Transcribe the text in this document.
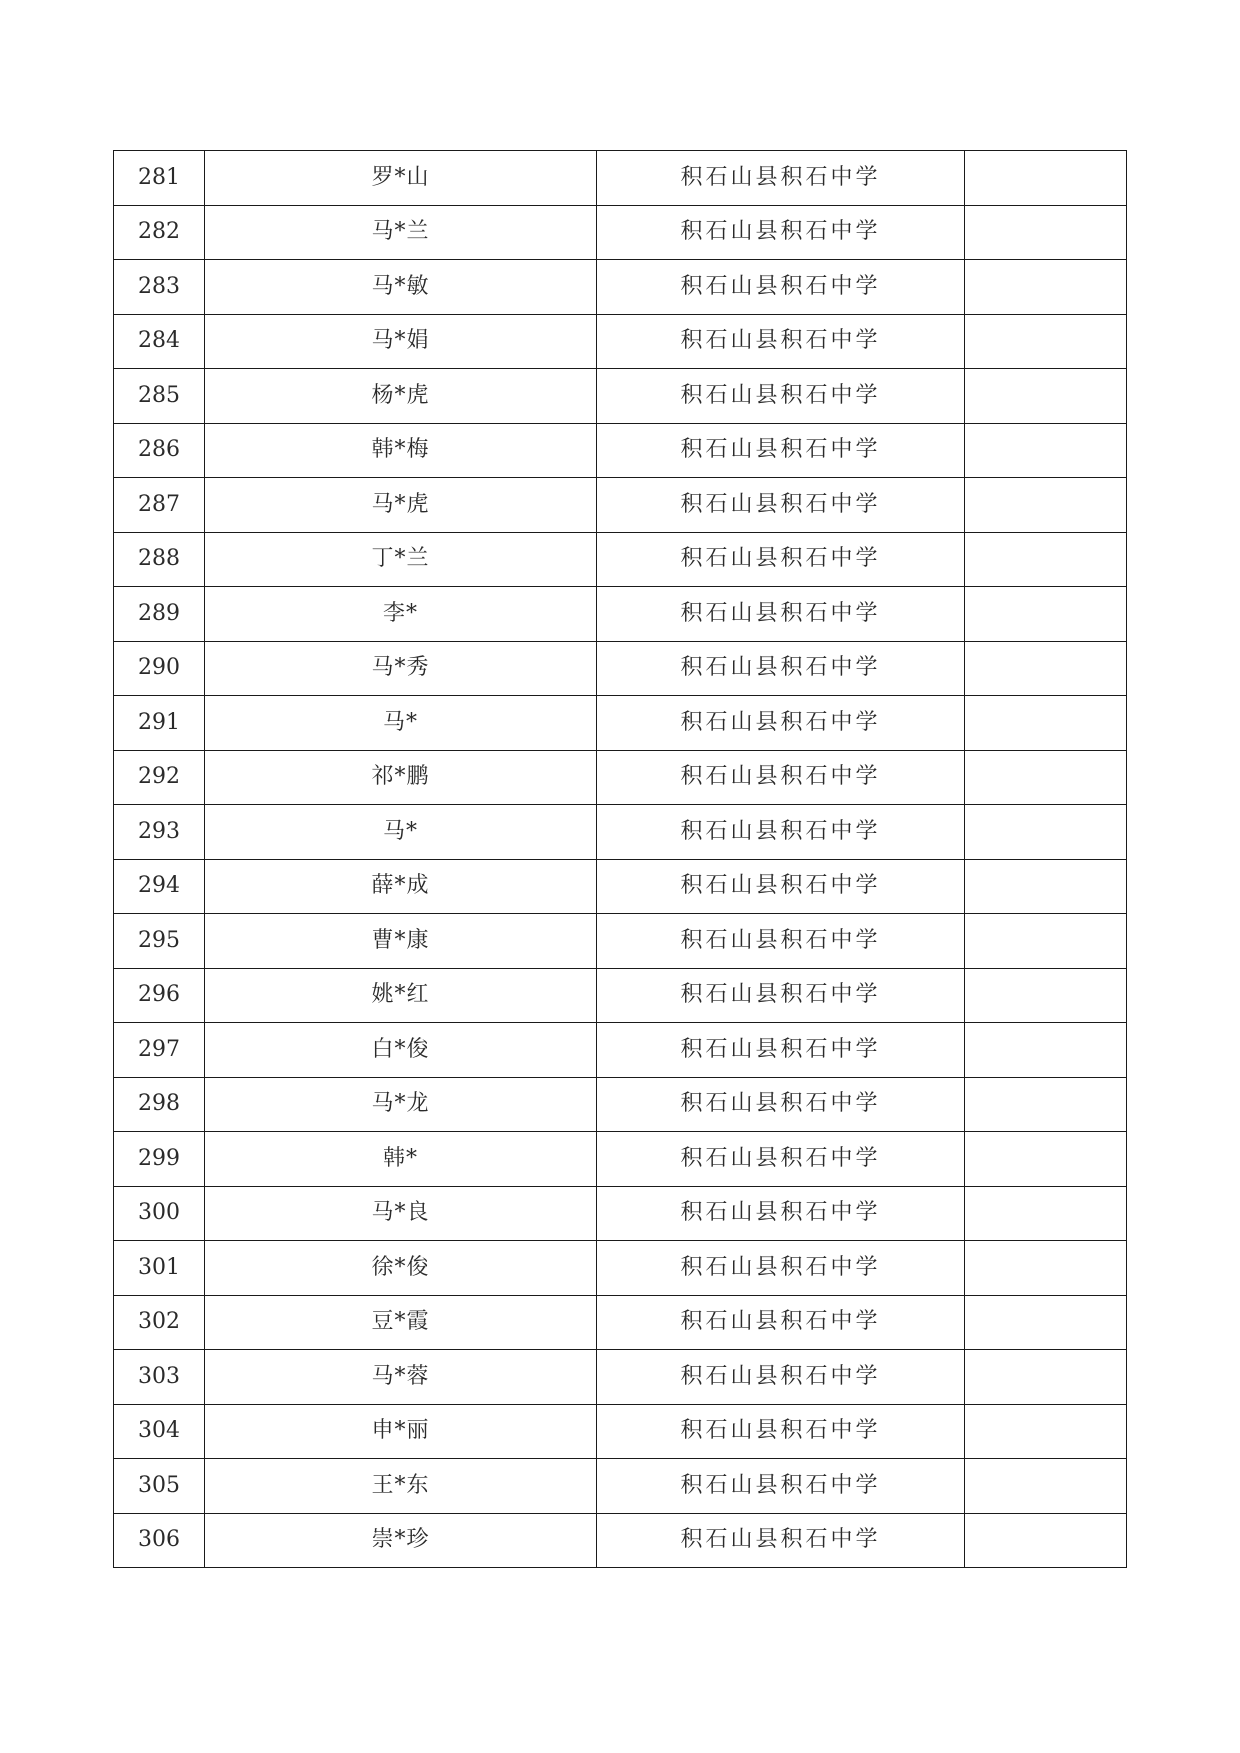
281	罗*山	积石山县积石中学	
282	马*兰	积石山县积石中学	
283	马*敏	积石山县积石中学	
284	马*娟	积石山县积石中学	
285	杨*虎	积石山县积石中学	
286	韩*梅	积石山县积石中学	
287	马*虎	积石山县积石中学	
288	丁*兰	积石山县积石中学	
289	李*	积石山县积石中学	
290	马*秀	积石山县积石中学	
291	马*	积石山县积石中学	
292	祁*鹏	积石山县积石中学	
293	马*	积石山县积石中学	
294	薛*成	积石山县积石中学	
295	曹*康	积石山县积石中学	
296	姚*红	积石山县积石中学	
297	白*俊	积石山县积石中学	
298	马*龙	积石山县积石中学	
299	韩*	积石山县积石中学	
300	马*良	积石山县积石中学	
301	徐*俊	积石山县积石中学	
302	豆*霞	积石山县积石中学	
303	马*蓉	积石山县积石中学	
304	申*丽	积石山县积石中学	
305	王*东	积石山县积石中学	
306	崇*珍	积石山县积石中学	
